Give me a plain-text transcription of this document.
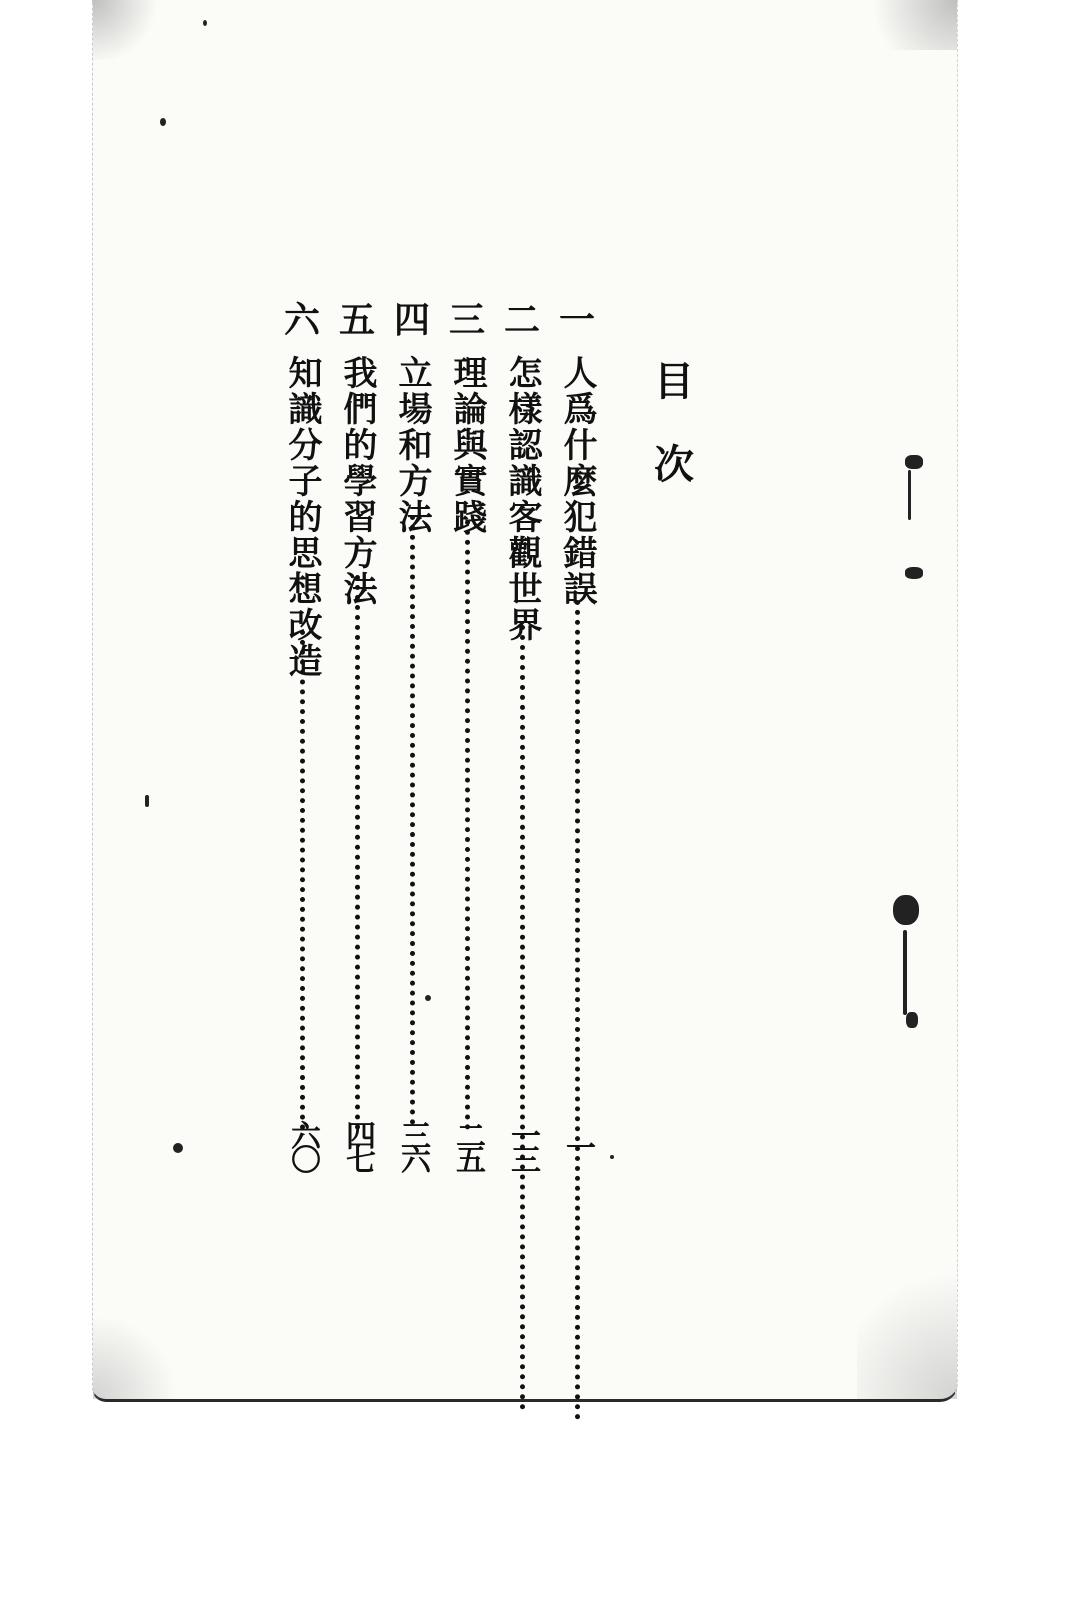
目
次
一
人爲什麼犯錯誤
一
二
怎樣認識客觀世界
一三
三
理論與實踐
二五
四
立場和方法
三六
五
我們的學習方法
四七
六
知識分子的思想改造
六〇
